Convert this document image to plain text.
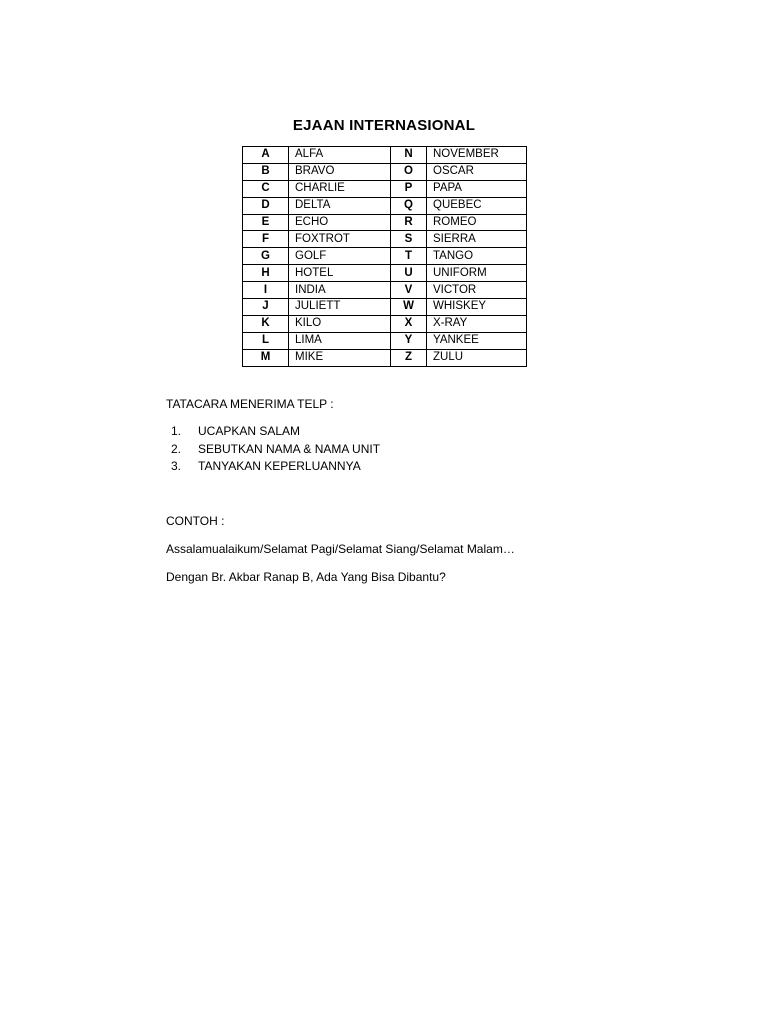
EJAAN INTERNASIONAL
A	ALFA	N	NOVEMBER
B	BRAVO	O	OSCAR
C	CHARLIE	P	PAPA
D	DELTA	Q	QUEBEC
E	ECHO	R	ROMEO
F	FOXTROT	S	SIERRA
G	GOLF	T	TANGO
H	HOTEL	U	UNIFORM
I	INDIA	V	VICTOR
J	JULIETT	W	WHISKEY
K	KILO	X	X-RAY
L	LIMA	Y	YANKEE
M	MIKE	Z	ZULU
TATACARA MENERIMA TELP :
1.	UCAPKAN SALAM
2.	SEBUTKAN NAMA & NAMA UNIT
3.	TANYAKAN KEPERLUANNYA
CONTOH :
Assalamualaikum/Selamat Pagi/Selamat Siang/Selamat Malam…
Dengan Br. Akbar Ranap B, Ada Yang Bisa Dibantu?
